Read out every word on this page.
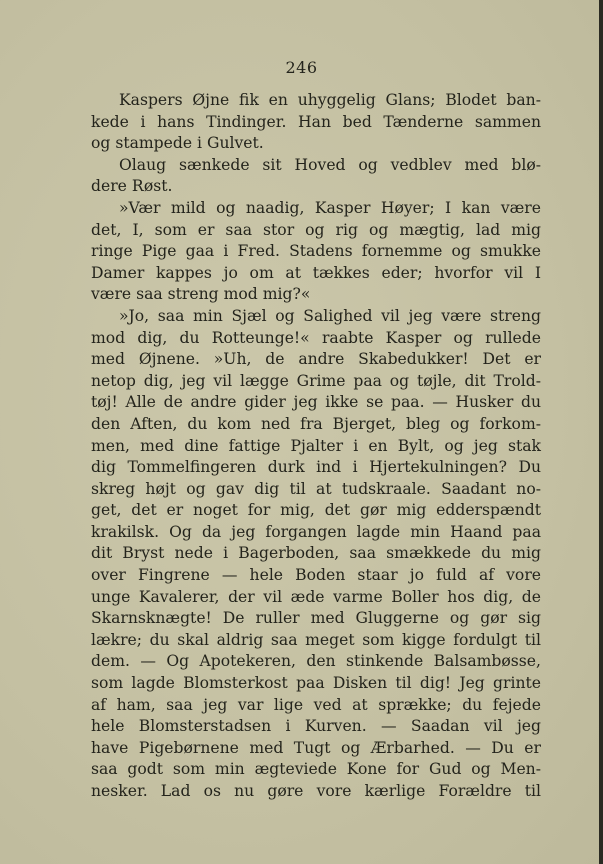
246
Kaspers Øjne fik en uhyggelig Glans; Blodet ban-
kede i hans Tindinger. Han bed Tænderne sammen
og stampede i Gulvet.
Olaug sænkede sit Hoved og vedblev med blø-
dere Røst.
»Vær mild og naadig, Kasper Høyer; I kan være
det, I, som er saa stor og rig og mægtig, lad mig
ringe Pige gaa i Fred. Stadens fornemme og smukke
Damer kappes jo om at tækkes eder; hvorfor vil I
være saa streng mod mig?«
»Jo, saa min Sjæl og Salighed vil jeg være streng
mod dig, du Rotteunge!« raabte Kasper og rullede
med Øjnene. »Uh, de andre Skabedukker! Det er
netop dig, jeg vil lægge Grime paa og tøjle, dit Trold-
tøj! Alle de andre gider jeg ikke se paa. — Husker du
den Aften, du kom ned fra Bjerget, bleg og forkom-
men, med dine fattige Pjalter i en Bylt, og jeg stak
dig Tommelfingeren durk ind i Hjertekulningen? Du
skreg højt og gav dig til at tudskraale. Saadant no-
get, det er noget for mig, det gør mig edderspændt
krakilsk. Og da jeg forgangen lagde min Haand paa
dit Bryst nede i Bagerboden, saa smækkede du mig
over Fingrene — hele Boden staar jo fuld af vore
unge Kavalerer, der vil æde varme Boller hos dig, de
Skarnsknægte! De ruller med Gluggerne og gør sig
lækre; du skal aldrig saa meget som kigge fordulgt til
dem. — Og Apotekeren, den stinkende Balsambøsse,
som lagde Blomsterkost paa Disken til dig! Jeg grinte
af ham, saa jeg var lige ved at sprække; du fejede
hele Blomsterstadsen i Kurven. — Saadan vil jeg
have Pigebørnene med Tugt og Ærbarhed. — Du er
saa godt som min ægteviede Kone for Gud og Men-
nesker. Lad os nu gøre vore kærlige Forældre til
